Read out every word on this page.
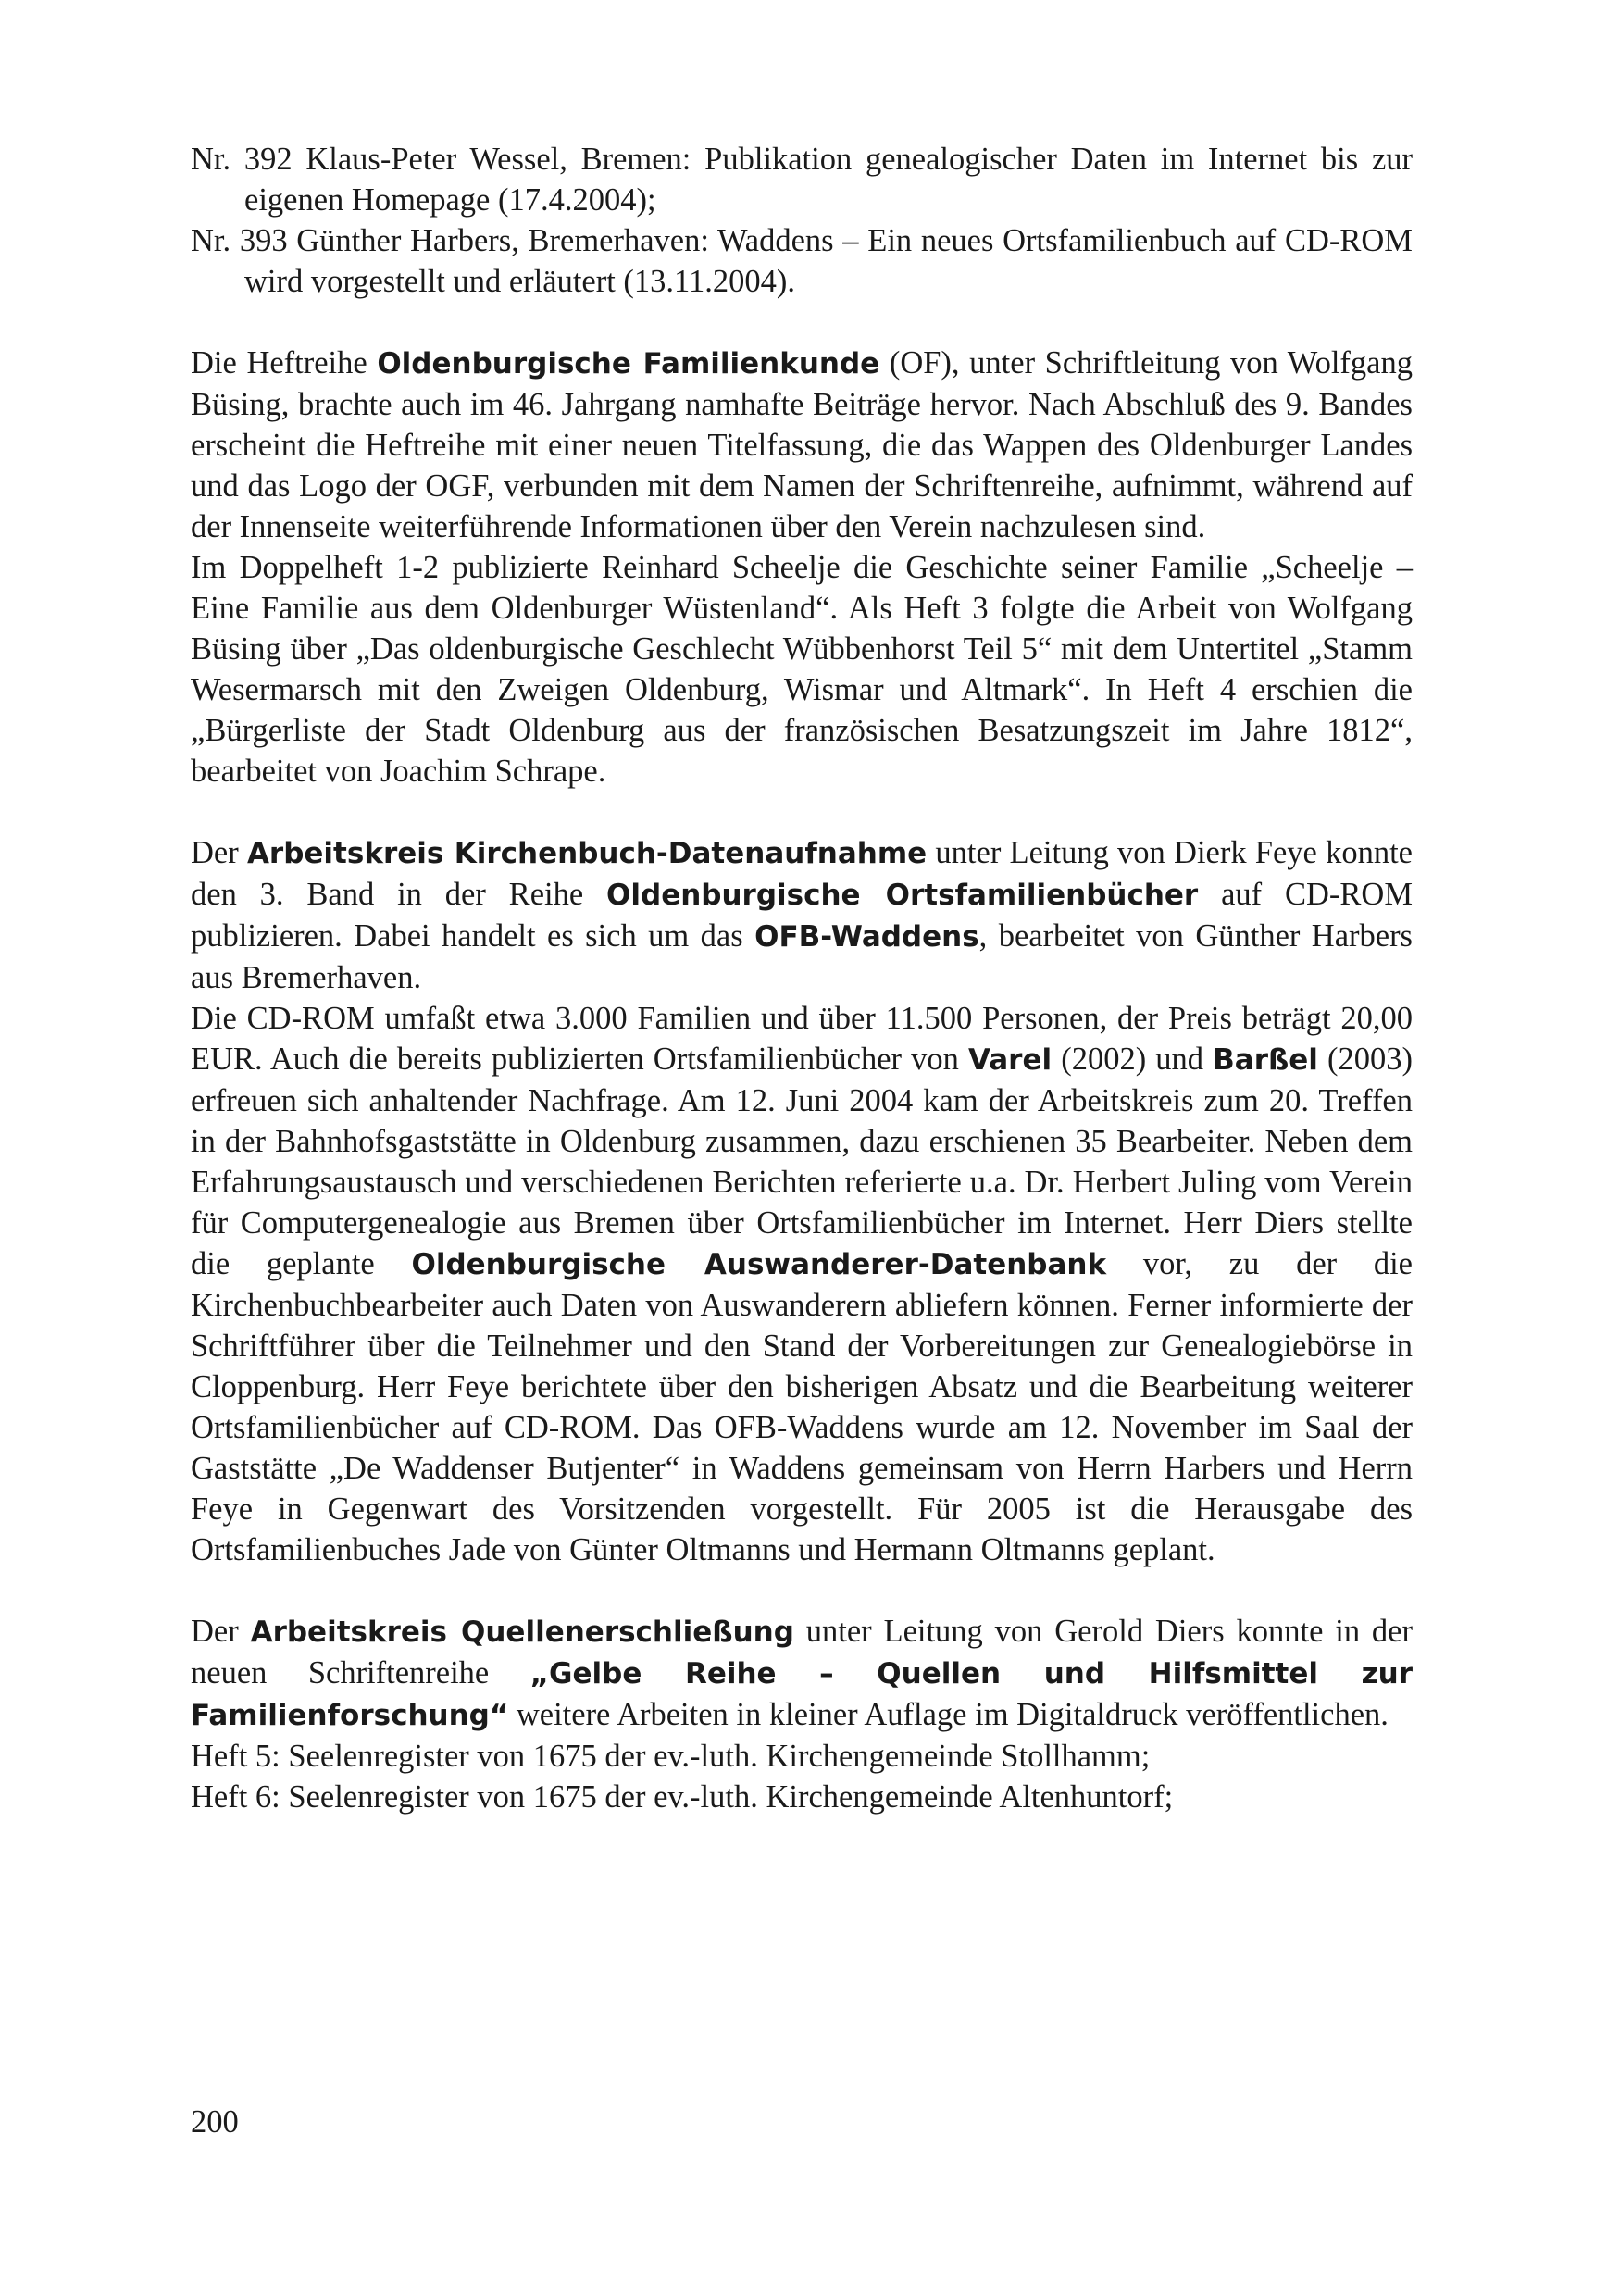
Nr. 392 Klaus-Peter Wessel, Bremen: Publikation genealogischer Daten im Internet bis zur eigenen Homepage (17.4.2004);

Nr. 393 Günther Harbers, Bremerhaven: Waddens – Ein neues Ortsfamilienbuch auf CD-ROM wird vorgestellt und erläutert (13.11.2004).

Die Heftreihe Oldenburgische Familienkunde (OF), unter Schriftleitung von Wolfgang Büsing, brachte auch im 46. Jahrgang namhafte Beiträge hervor. Nach Abschluß des 9. Bandes erscheint die Heftreihe mit einer neuen Titelfassung, die das Wappen des Oldenburger Landes und das Logo der OGF, verbunden mit dem Namen der Schriftenreihe, aufnimmt, während auf der Innenseite weiterführende Informationen über den Verein nachzulesen sind.

Im Doppelheft 1-2 publizierte Reinhard Scheelje die Geschichte seiner Familie „Scheelje – Eine Familie aus dem Oldenburger Wüstenland“. Als Heft 3 folgte die Arbeit von Wolfgang Büsing über „Das oldenburgische Geschlecht Wübbenhorst Teil 5“ mit dem Untertitel „Stamm Wesermarsch mit den Zweigen Oldenburg, Wismar und Altmark“. In Heft 4 erschien die „Bürgerliste der Stadt Oldenburg aus der französischen Besatzungszeit im Jahre 1812“, bearbeitet von Joachim Schrape.

Der Arbeitskreis Kirchenbuch-Datenaufnahme unter Leitung von Dierk Feye konnte den 3. Band in der Reihe Oldenburgische Ortsfamilienbücher auf CD-ROM publizieren. Dabei handelt es sich um das OFB-Waddens, bearbeitet von Günther Harbers aus Bremerhaven.

Die CD-ROM umfaßt etwa 3.000 Familien und über 11.500 Personen, der Preis beträgt 20,00 EUR. Auch die bereits publizierten Ortsfamilienbücher von Varel (2002) und Barßel (2003) erfreuen sich anhaltender Nachfrage. Am 12. Juni 2004 kam der Arbeitskreis zum 20. Treffen in der Bahnhofsgaststätte in Oldenburg zusammen, dazu erschienen 35 Bearbeiter. Neben dem Erfahrungsaustausch und verschiedenen Berichten referierte u.a. Dr. Herbert Juling vom Verein für Computergenealogie aus Bremen über Ortsfamilienbücher im Internet. Herr Diers stellte die geplante Oldenburgische Auswanderer-Datenbank vor, zu der die Kirchenbuchbearbeiter auch Daten von Auswanderern abliefern können. Ferner informierte der Schriftführer über die Teilnehmer und den Stand der Vorbereitungen zur Genealogiebörse in Cloppenburg. Herr Feye berichtete über den bisherigen Absatz und die Bearbeitung weiterer Ortsfamilienbücher auf CD-ROM. Das OFB-Waddens wurde am 12. November im Saal der Gaststätte „De Waddenser Butjenter“ in Waddens gemeinsam von Herrn Harbers und Herrn Feye in Gegenwart des Vorsitzenden vorgestellt. Für 2005 ist die Herausgabe des Ortsfamilienbuches Jade von Günter Oltmanns und Hermann Oltmanns geplant.

Der Arbeitskreis Quellenerschließung unter Leitung von Gerold Diers konnte in der neuen Schriftenreihe „Gelbe Reihe – Quellen und Hilfsmittel zur Familienforschung“ weitere Arbeiten in kleiner Auflage im Digitaldruck veröffentlichen.

Heft 5: Seelenregister von 1675 der ev.-luth. Kirchengemeinde Stollhamm;

Heft 6: Seelenregister von 1675 der ev.-luth. Kirchengemeinde Altenhuntorf;

200
